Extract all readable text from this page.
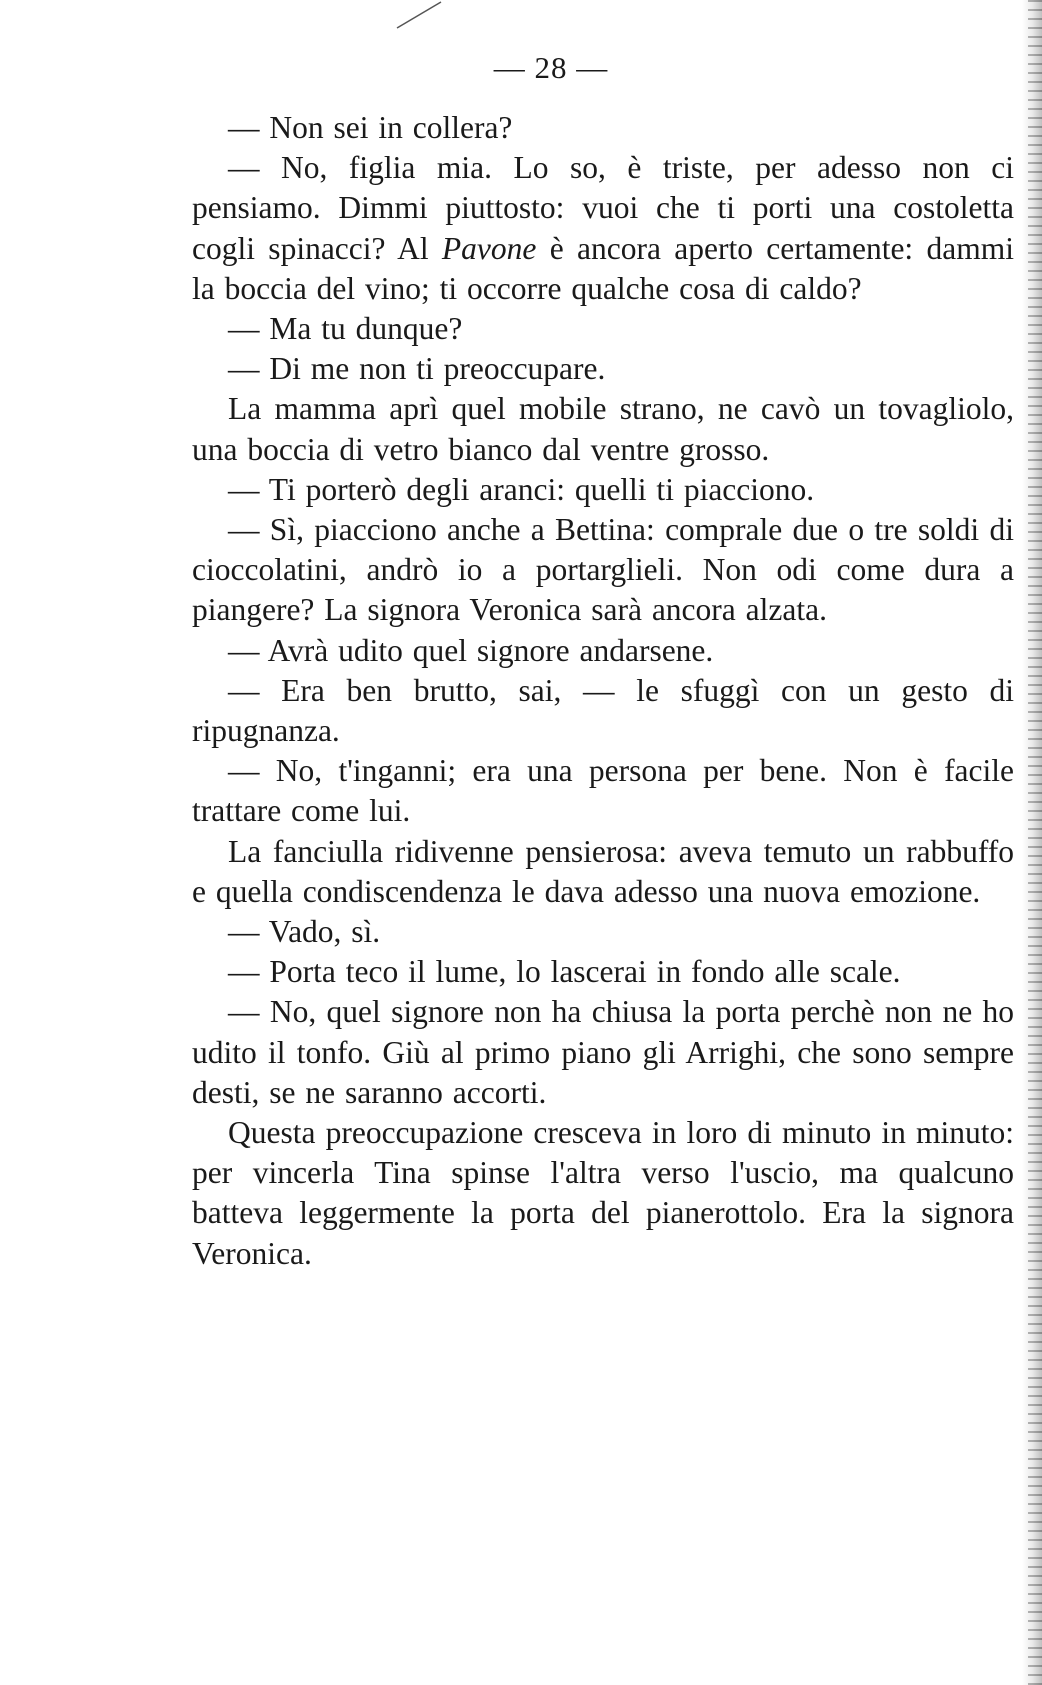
— 28 —

— Non sei in collera?

— No, figlia mia. Lo so, è triste, per adesso non ci pensiamo. Dimmi piuttosto: vuoi che ti porti una costoletta cogli spinacci? Al Pavone è ancora aperto certamente: dammi la boccia del vino; ti occorre qualche cosa di caldo?

— Ma tu dunque?

— Di me non ti preoccupare.

La mamma aprì quel mobile strano, ne cavò un tovagliolo, una boccia di vetro bianco dal ventre grosso.

— Ti porterò degli aranci: quelli ti piacciono.

— Sì, piacciono anche a Bettina: comprale due o tre soldi di cioccolatini, andrò io a portarglieli. Non odi come dura a piangere? La signora Veronica sarà ancora alzata.

— Avrà udito quel signore andarsene.

— Era ben brutto, sai, — le sfuggì con un gesto di ripugnanza.

— No, t'inganni; era una persona per bene. Non è facile trattare come lui.

La fanciulla ridivenne pensierosa: aveva temuto un rabbuffo e quella condiscendenza le dava adesso una nuova emozione.

— Vado, sì.

— Porta teco il lume, lo lascerai in fondo alle scale.

— No, quel signore non ha chiusa la porta perchè non ne ho udito il tonfo. Giù al primo piano gli Arrighi, che sono sempre desti, se ne saranno accorti.

Questa preoccupazione cresceva in loro di minuto in minuto: per vincerla Tina spinse l'altra verso l'uscio, ma qualcuno batteva leggermente la porta del pianerottolo. Era la signora Veronica.
